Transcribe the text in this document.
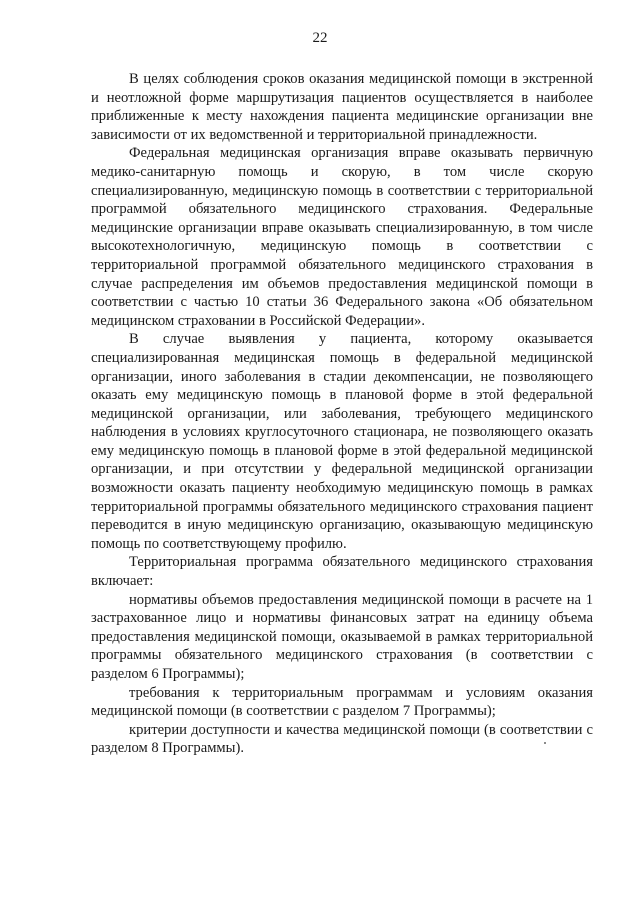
22

В целях соблюдения сроков оказания медицинской помощи в экстренной и неотложной форме маршрутизация пациентов осуществляется в наиболее приближенные к месту нахождения пациента медицинские организации вне зависимости от их ведомственной и территориальной принадлежности.

Федеральная медицинская организация вправе оказывать первичную медико-санитарную помощь и скорую, в том числе скорую специализированную, медицинскую помощь в соответствии с территориальной программой обязательного медицинского страхования. Федеральные медицинские организации вправе оказывать специализированную, в том числе высокотехнологичную, медицинскую помощь в соответствии с территориальной программой обязательного медицинского страхования в случае распределения им объемов предоставления медицинской помощи в соответствии с частью 10 статьи 36 Федерального закона «Об обязательном медицинском страховании в Российской Федерации».

В случае выявления у пациента, которому оказывается специализированная медицинская помощь в федеральной медицинской организации, иного заболевания в стадии декомпенсации, не позволяющего оказать ему медицинскую помощь в плановой форме в этой федеральной медицинской организации, или заболевания, требующего медицинского наблюдения в условиях круглосуточного стационара, не позволяющего оказать ему медицинскую помощь в плановой форме в этой федеральной медицинской организации, и при отсутствии у федеральной медицинской организации возможности оказать пациенту необходимую медицинскую помощь в рамках территориальной программы обязательного медицинского страхования пациент переводится в иную медицинскую организацию, оказывающую медицинскую помощь по соответствующему профилю.

Территориальная программа обязательного медицинского страхования включает:

нормативы объемов предоставления медицинской помощи в расчете на 1 застрахованное лицо и нормативы финансовых затрат на единицу объема предоставления медицинской помощи, оказываемой в рамках территориальной программы обязательного медицинского страхования (в соответствии с разделом 6 Программы);

требования к территориальным программам и условиям оказания медицинской помощи (в соответствии с разделом 7 Программы);

критерии доступности и качества медицинской помощи (в соответствии с разделом 8 Программы).
